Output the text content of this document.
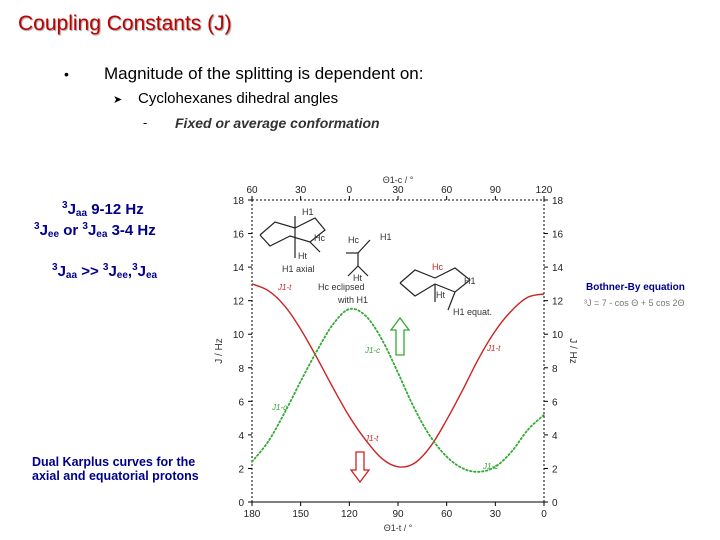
Coupling Constants (J)
• Magnitude of the splitting is dependent on:
➤ Cyclohexanes dihedral angles
- Fixed or average conformation
$^3J_{aa}$ 9-12 Hz
$^3J_{ee}$ or $^3J_{ea}$ 3-4 Hz
$^3J_{aa} >> ^3J_{ee},^3J_{ea}$
Dual Karplus curves for the axial and equatorial protons
Bothner-By equation
³J = 7 - cos Θ + 5 cos 2Θ
0	0
2	2
4	4
6	6
8	8
10	10
12	12
14	14
16	16
18	18
180	150	120	90	60	30	0
60	30	0	30	60	90	120
Θ1-t / °
Θ1-c / °
J / Hz	J / Hz
H1
Hc
Ht
H1 axial
H1
Hc
Ht
Hc eclipsed
with H1
Hc
Ht
H1
H1 equat.
J1-t
J1-c
J1-c
J1-t
J1-t
J1-c
